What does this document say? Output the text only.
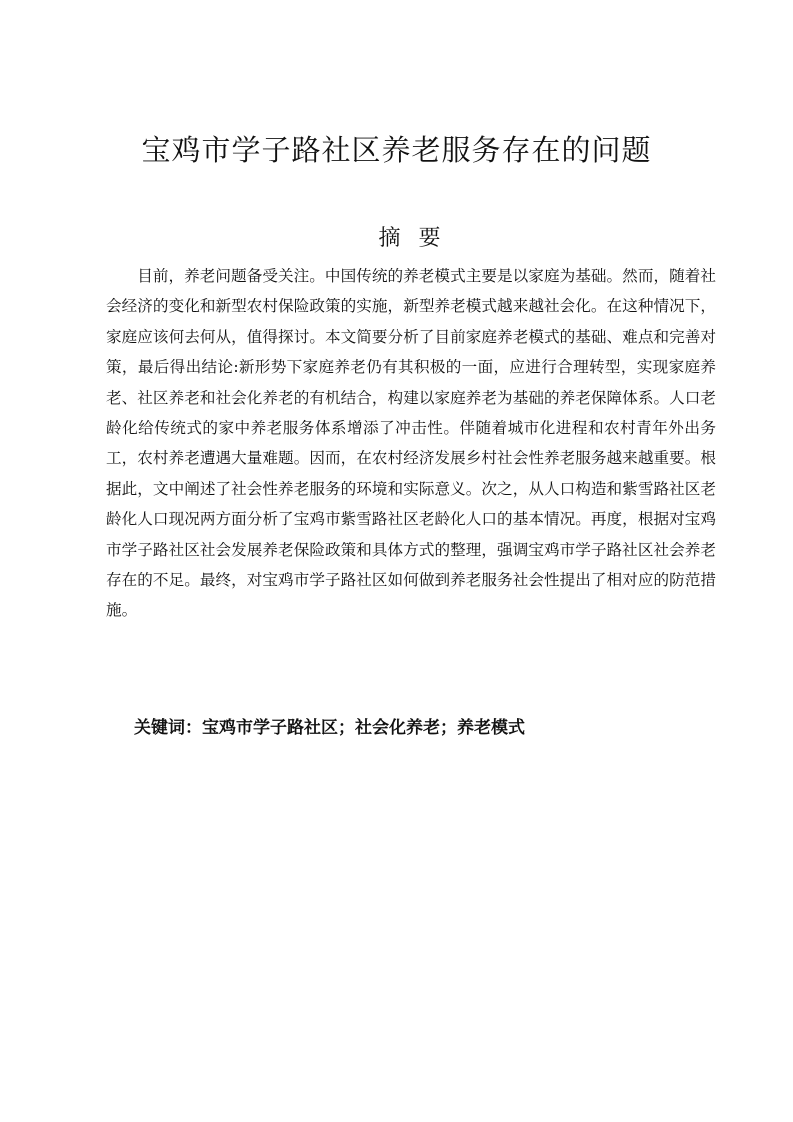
宝鸡市学子路社区养老服务存在的问题
摘要

目前，养老问题备受关注。中国传统的养老模式主要是以家庭为基础。然而，随着社会经济的变化和新型农村保险政策的实施，新型养老模式越来越社会化。在这种情况下，家庭应该何去何从，值得探讨。本文简要分析了目前家庭养老模式的基础、难点和完善对策，最后得出结论:新形势下家庭养老仍有其积极的一面，应进行合理转型，实现家庭养老、社区养老和社会化养老的有机结合，构建以家庭养老为基础的养老保障体系。人口老龄化给传统式的家中养老服务体系增添了冲击性。伴随着城市化进程和农村青年外出务工，农村养老遭遇大量难题。因而，在农村经济发展乡村社会性养老服务越来越重要。根据此，文中阐述了社会性养老服务的环境和实际意义。次之，从人口构造和紫雪路社区老龄化人口现况两方面分析了宝鸡市紫雪路社区老龄化人口的基本情况。再度，根据对宝鸡市学子路社区社会发展养老保险政策和具体方式的整理，强调宝鸡市学子路社区社会养老存在的不足。最终，对宝鸡市学子路社区如何做到养老服务社会性提出了相对应的防范措施。

关键词：宝鸡市学子路社区；社会化养老；养老模式
